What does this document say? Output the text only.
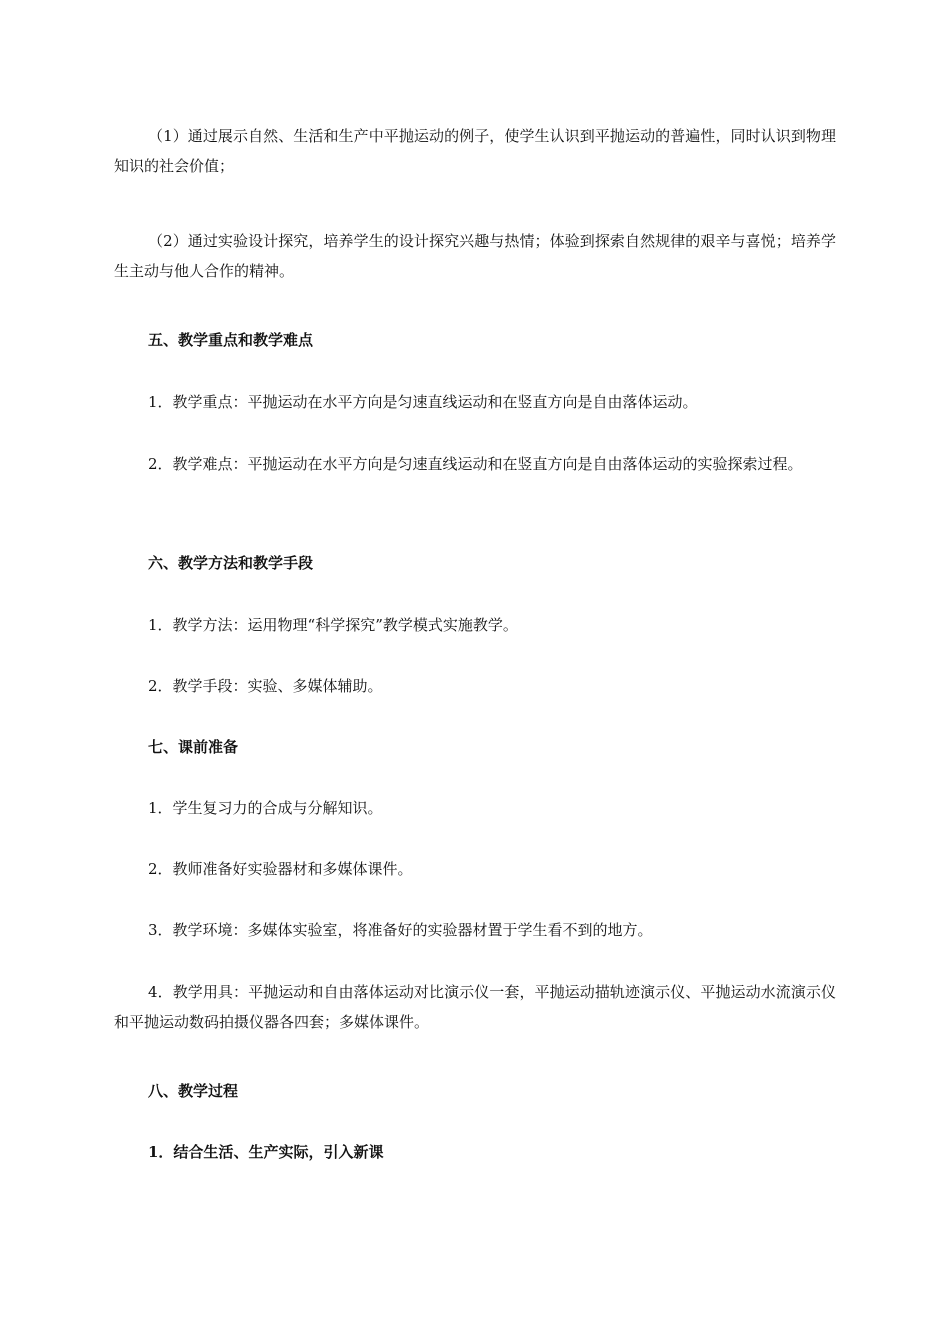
（1）通过展示自然、生活和生产中平抛运动的例子，使学生认识到平抛运动的普遍性，同时认识到物理知识的社会价值；

（2）通过实验设计探究，培养学生的设计探究兴趣与热情；体验到探索自然规律的艰辛与喜悦；培养学生主动与他人合作的精神。

五、教学重点和教学难点

1．教学重点：平抛运动在水平方向是匀速直线运动和在竖直方向是自由落体运动。

2．教学难点：平抛运动在水平方向是匀速直线运动和在竖直方向是自由落体运动的实验探索过程。

六、教学方法和教学手段

1．教学方法：运用物理“科学探究”教学模式实施教学。

2．教学手段：实验、多媒体辅助。

七、课前准备

1．学生复习力的合成与分解知识。

2．教师准备好实验器材和多媒体课件。

3．教学环境：多媒体实验室，将准备好的实验器材置于学生看不到的地方。

4．教学用具：平抛运动和自由落体运动对比演示仪一套，平抛运动描轨迹演示仪、平抛运动水流演示仪和平抛运动数码拍摄仪器各四套；多媒体课件。

八、教学过程

1．结合生活、生产实际，引入新课
